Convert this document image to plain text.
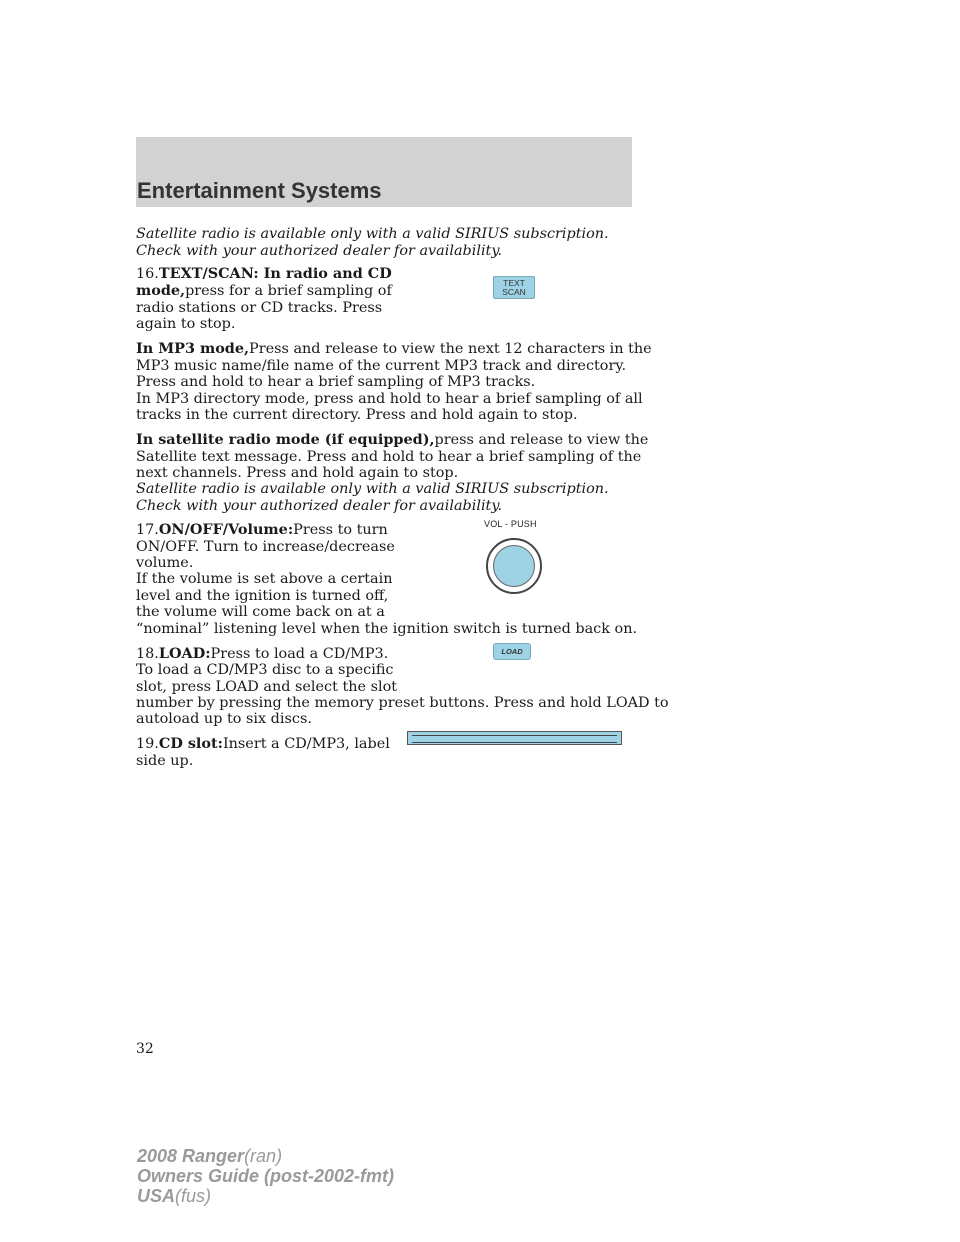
Entertainment Systems

Satellite radio is available only with a valid SIRIUS subscription.

Check with your authorized dealer for availability.

16.TEXT/SCAN: In radio and CD

mode,press for a brief sampling of

radio stations or CD tracks. Press

again to stop.

TEXT
SCAN

In MP3 mode,Press and release to view the next 12 characters in the

MP3 music name/file name of the current MP3 track and directory.

Press and hold to hear a brief sampling of MP3 tracks.

In MP3 directory mode, press and hold to hear a brief sampling of all

tracks in the current directory. Press and hold again to stop.

In satellite radio mode (if equipped),press and release to view the

Satellite text message. Press and hold to hear a brief sampling of the

next channels. Press and hold again to stop.

Satellite radio is available only with a valid SIRIUS subscription.

Check with your authorized dealer for availability.

17.ON/OFF/Volume:Press to turn

ON/OFF. Turn to increase/decrease

volume.

If the volume is set above a certain

level and the ignition is turned off,

the volume will come back on at a

“nominal” listening level when the ignition switch is turned back on.

VOL - PUSH

18.LOAD:Press to load a CD/MP3.

To load a CD/MP3 disc to a specific

slot, press LOAD and select the slot

number by pressing the memory preset buttons. Press and hold LOAD to

autoload up to six discs.

LOAD

19.CD slot:Insert a CD/MP3, label

side up.

32

2008 Ranger(ran)
Owners Guide (post-2002-fmt)
USA(fus)
